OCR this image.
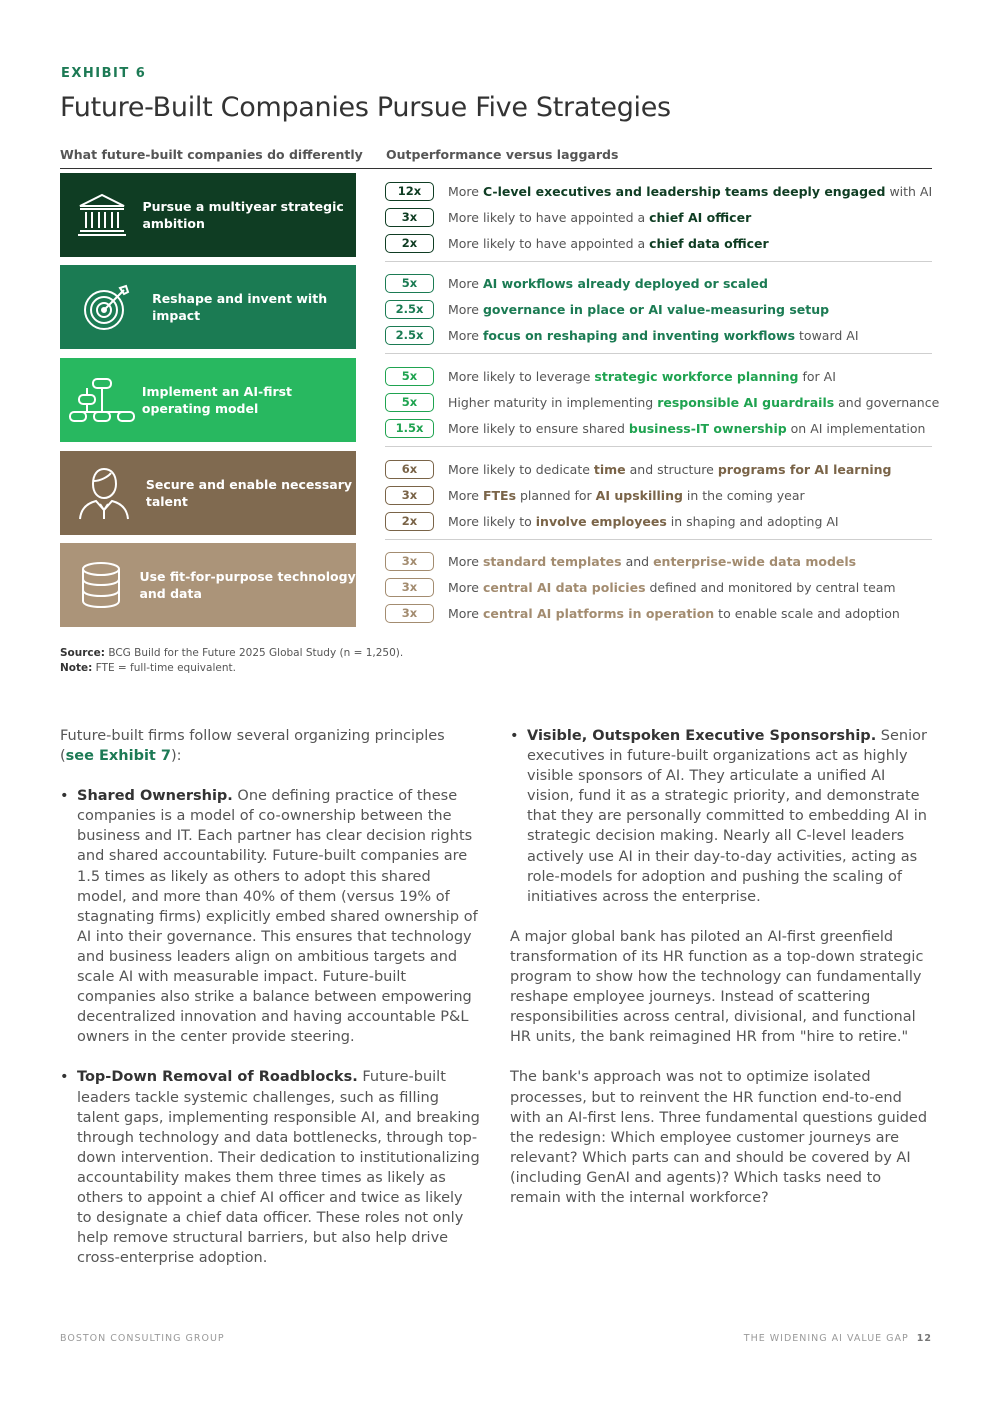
EXHIBIT 6
Future-Built Companies Pursue Five Strategies
What future-built companies do differently Outperformance versus laggards
Pursue a multiyear strategic ambition
12x	More C-level executives and leadership teams deeply engaged with AI
3x	More likely to have appointed a chief AI officer
2x	More likely to have appointed a chief data officer
Reshape and invent with impact
5x	More AI workflows already deployed or scaled
2.5x	More governance in place or AI value-measuring setup
2.5x	More focus on reshaping and inventing workflows toward AI
Implement an AI-first operating model
5x	More likely to leverage strategic workforce planning for AI
5x	Higher maturity in implementing responsible AI guardrails and governance
1.5x	More likely to ensure shared business-IT ownership on AI implementation
Secure and enable necessary talent
6x	More likely to dedicate time and structure programs for AI learning
3x	More FTEs planned for AI upskilling in the coming year
2x	More likely to involve employees in shaping and adopting AI
Use fit-for-purpose technology and data
3x	More standard templates and enterprise-wide data models
3x	More central AI data policies defined and monitored by central team
3x	More central AI platforms in operation to enable scale and adoption
Source: BCG Build for the Future 2025 Global Study (n = 1,250).
Note: FTE = full-time equivalent.

Future-built firms follow several organizing principles (see Exhibit 7):

• Shared Ownership. One defining practice of these companies is a model of co-ownership between the business and IT. Each partner has clear decision rights and shared accountability. Future-built companies are 1.5 times as likely as others to adopt this shared model, and more than 40% of them (versus 19% of stagnating firms) explicitly embed shared ownership of AI into their governance. This ensures that technology and business leaders align on ambitious targets and scale AI with measurable impact. Future-built companies also strike a balance between empowering decentralized innovation and having accountable P&L owners in the center provide steering.
• Top-Down Removal of Roadblocks. Future-built leaders tackle systemic challenges, such as filling talent gaps, implementing responsible AI, and breaking through technology and data bottlenecks, through top-down intervention. Their dedication to institutionalizing accountability makes them three times as likely as others to appoint a chief AI officer and twice as likely to designate a chief data officer. These roles not only help remove structural barriers, but also help drive cross-enterprise adoption.
• Visible, Outspoken Executive Sponsorship. Senior executives in future-built organizations act as highly visible sponsors of AI. They articulate a unified AI vision, fund it as a strategic priority, and demonstrate that they are personally committed to embedding AI in strategic decision making. Nearly all C-level leaders actively use AI in their day-to-day activities, acting as role-models for adoption and pushing the scaling of initiatives across the enterprise.

A major global bank has piloted an AI-first greenfield transformation of its HR function as a top-down strategic program to show how the technology can fundamentally reshape employee journeys. Instead of scattering responsibilities across central, divisional, and functional HR units, the bank reimagined HR from "hire to retire."

The bank's approach was not to optimize isolated processes, but to reinvent the HR function end-to-end with an AI-first lens. Three fundamental questions guided the redesign: Which employee customer journeys are relevant? Which parts can and should be covered by AI (including GenAI and agents)? Which tasks need to remain with the internal workforce?

BOSTON CONSULTING GROUP	THE WIDENING AI VALUE GAP 12
